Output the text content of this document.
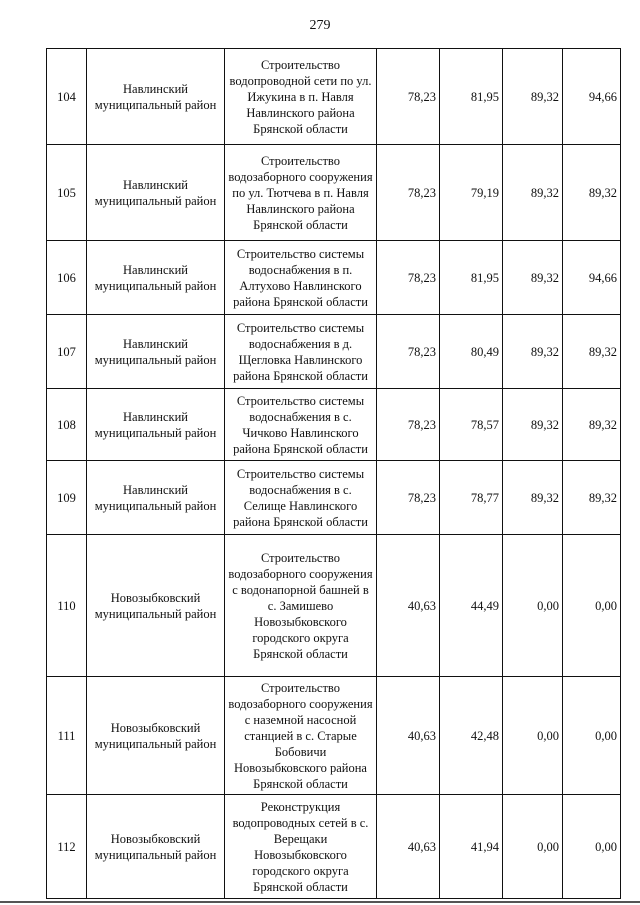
279
104	Навлинский муниципальный район	Строительство водопроводной сети по ул. Ижукина в п. Навля Навлинского района Брянской области	78,23	81,95	89,32	94,66
105	Навлинский муниципальный район	Строительство водозаборного сооружения по ул. Тютчева в п. Навля Навлинского района Брянской области	78,23	79,19	89,32	89,32
106	Навлинский муниципальный район	Строительство системы водоснабжения в п. Алтухово Навлинского района Брянской области	78,23	81,95	89,32	94,66
107	Навлинский муниципальный район	Строительство системы водоснабжения в д. Щегловка Навлинского района Брянской области	78,23	80,49	89,32	89,32
108	Навлинский муниципальный район	Строительство системы водоснабжения в с. Чичково Навлинского района Брянской области	78,23	78,57	89,32	89,32
109	Навлинский муниципальный район	Строительство системы водоснабжения в с. Селище Навлинского района Брянской области	78,23	78,77	89,32	89,32
110	Новозыбковский муниципальный район	Строительство водозаборного сооружения с водонапорной башней в с. Замишево Новозыбковского городского округа Брянской области	40,63	44,49	0,00	0,00
111	Новозыбковский муниципальный район	Строительство водозаборного сооружения с наземной насосной станцией в с. Старые Бобовичи Новозыбковского района Брянской области	40,63	42,48	0,00	0,00
112	Новозыбковский муниципальный район	Реконструкция водопроводных сетей в с. Верещаки Новозыбковского городского округа Брянской области	40,63	41,94	0,00	0,00
